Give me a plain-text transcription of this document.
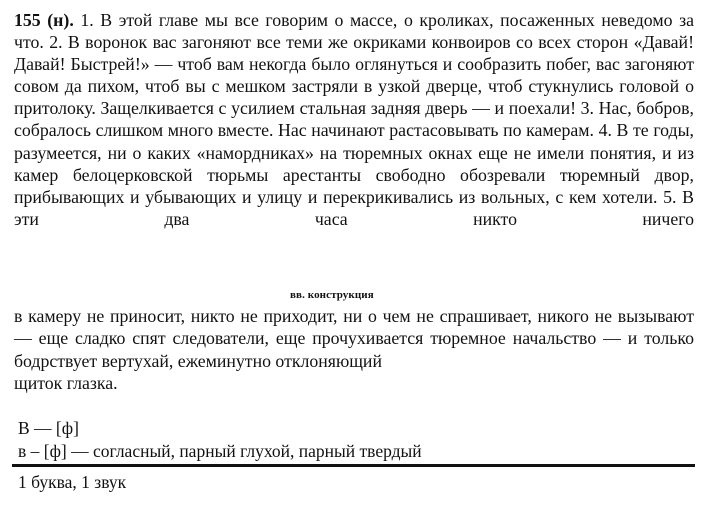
155 (н). 1. В этой главе мы все говорим о массе, о кроликах, посаженных неведомо за что. 2. В воронок вас загоняют все теми же окриками конвоиров со всех сторон «Давай! Давай! Быстрей!» — чтоб вам некогда было оглянуться и сообразить побег, вас загоняют совом да пихом, чтоб вы с мешком застряли в узкой дверце, чтоб стукнулись головой о притолоку. Защелкивается с усилием стальная задняя дверь — и поехали! 3. Нас, бобров, собралось слишком много вместе. Нас начинают растасовывать по камерам. 4. В те годы, разумеется, ни о каких «намордниках» на тюремных окнах еще не имели понятия, и из камер белоцерковской тюрьмы арестанты свободно обозревали тюремный двор, прибывающих и убывающих и улицу и перекрикивались из вольных, с кем хотели. 5. В эти два часа никто ничего

вв. конструкция

в камеру не приносит, никто не приходит, ни о чем не спрашивает, никого не вызывают — еще сладко спят следователи, еще прочухивается тюремное начальство — и только бодрствует вертухай, ежеминутно отклоняющий
щиток глазка.

В — [ф]
в – [ф] — согласный, парный глухой, парный твердый
1 буква, 1 звук
